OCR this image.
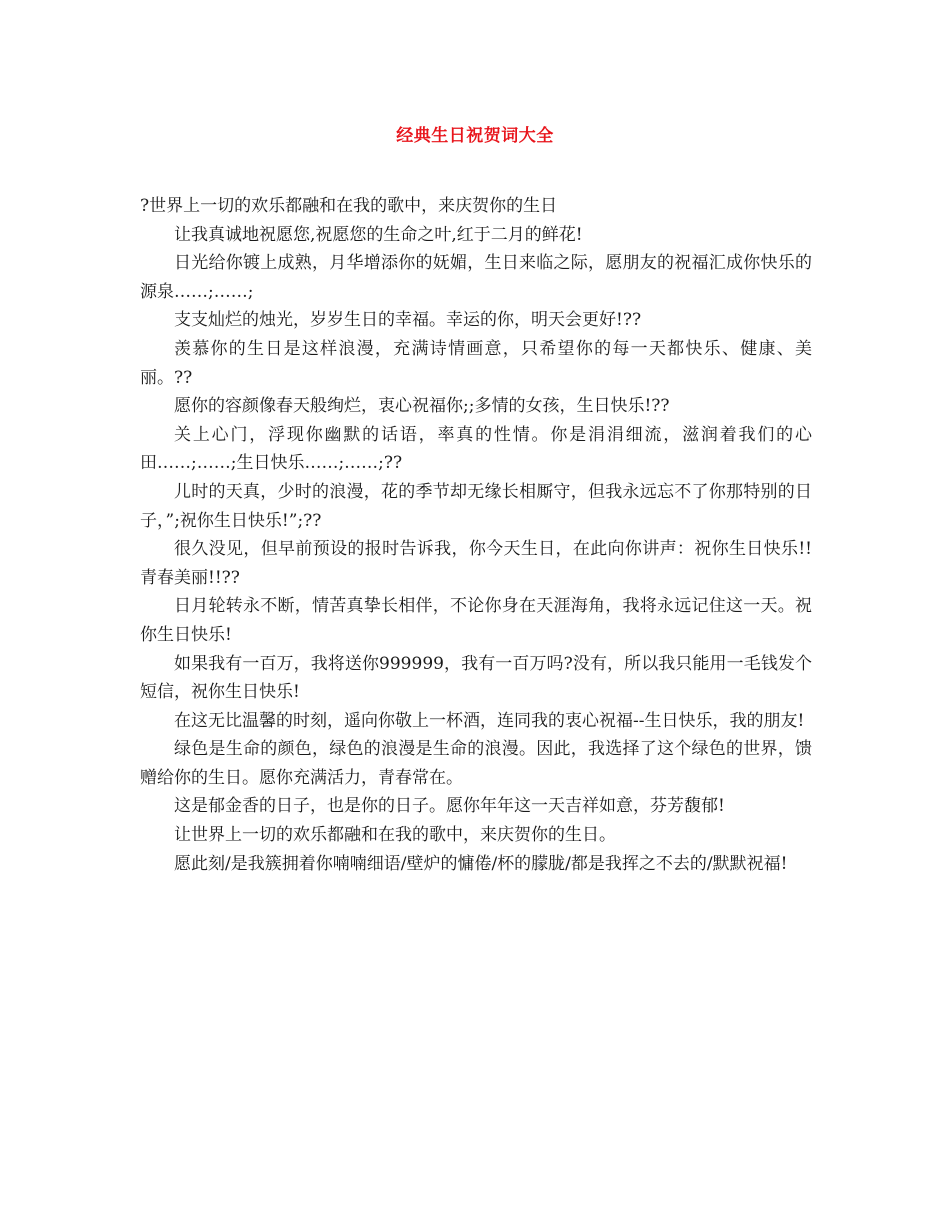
经典生日祝贺词大全

?世界上一切的欢乐都融和在我的歌中，来庆贺你的生日

让我真诚地祝愿您,祝愿您的生命之叶,红于二月的鲜花!

日光给你镀上成熟，月华增添你的妩媚，生日来临之际，愿朋友的祝福汇成你快乐的源泉……;……;

支支灿烂的烛光，岁岁生日的幸福。幸运的你，明天会更好!??

羡慕你的生日是这样浪漫，充满诗情画意，只希望你的每一天都快乐、健康、美丽。??

愿你的容颜像春天般绚烂，衷心祝福你;;多情的女孩，生日快乐!??

关上心门，浮现你幽默的话语，率真的性情。你是涓涓细流，滋润着我们的心田……;……;生日快乐……;……;??

儿时的天真，少时的浪漫，花的季节却无缘长相厮守，但我永远忘不了你那特别的日子，”;祝你生日快乐!”;??

很久没见，但早前预设的报时告诉我，你今天生日，在此向你讲声：祝你生日快乐!!青春美丽!!??

日月轮转永不断，情苦真挚长相伴，不论你身在天涯海角，我将永远记住这一天。祝你生日快乐!

如果我有一百万，我将送你999999，我有一百万吗?没有，所以我只能用一毛钱发个短信，祝你生日快乐!

在这无比温馨的时刻，遥向你敬上一杯酒，连同我的衷心祝福--生日快乐，我的朋友!

绿色是生命的颜色，绿色的浪漫是生命的浪漫。因此，我选择了这个绿色的世界，馈赠给你的生日。愿你充满活力，青春常在。

这是郁金香的日子，也是你的日子。愿你年年这一天吉祥如意，芬芳馥郁!

让世界上一切的欢乐都融和在我的歌中，来庆贺你的生日。

愿此刻/是我簇拥着你喃喃细语/壁炉的慵倦/杯的朦胧/都是我挥之不去的/默默祝福!
